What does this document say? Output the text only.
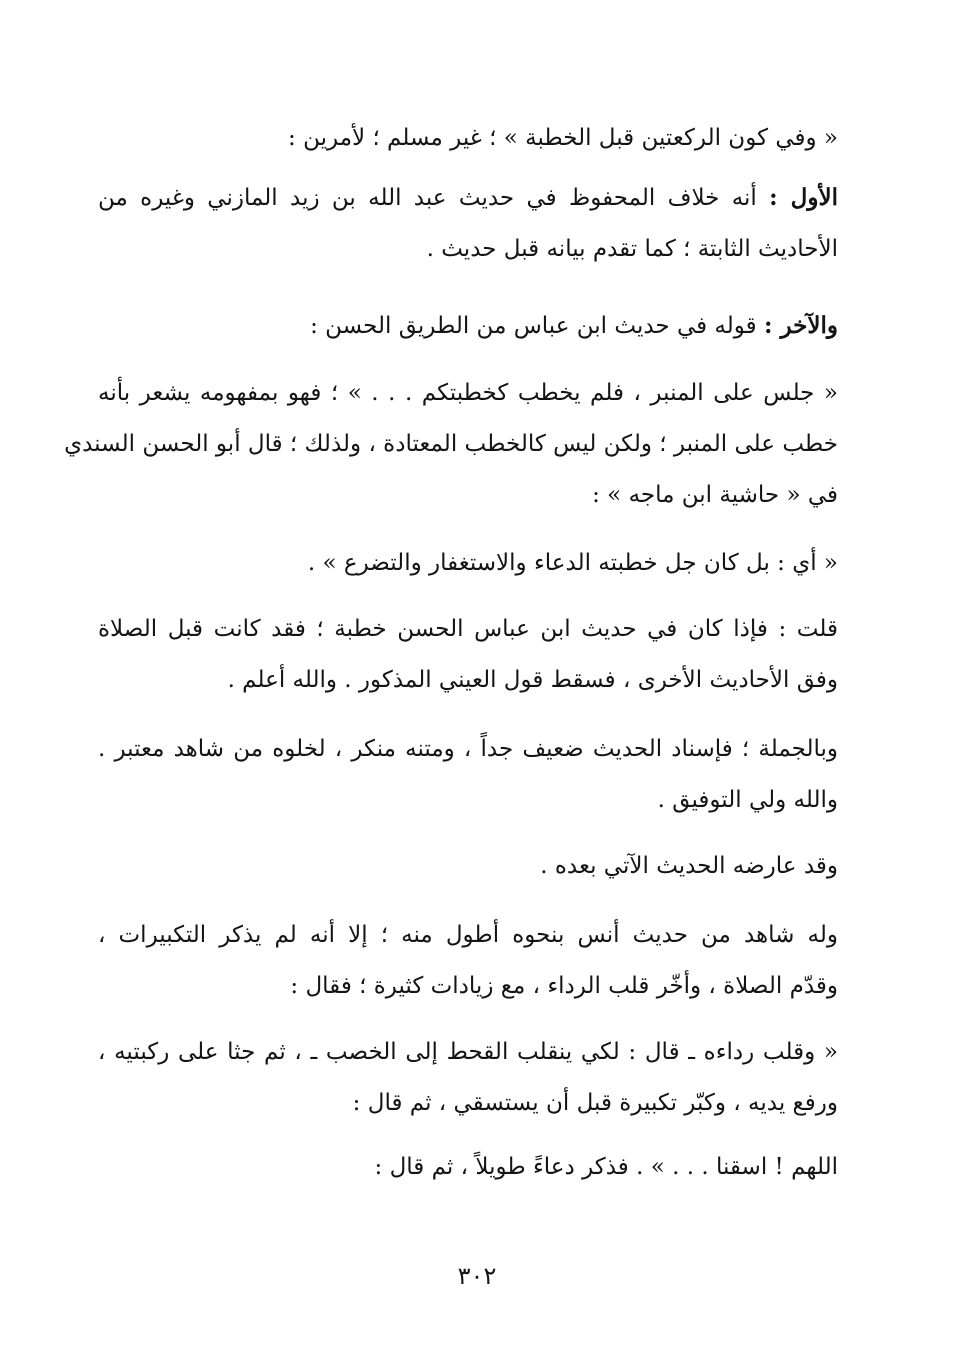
« وفي كون الركعتين قبل الخطبة » ؛ غير مسلم ؛ لأمرين :
الأول : أنه خلاف المحفوظ في حديث عبد الله بن زيد المازني وغيره من
الأحاديث الثابتة ؛ كما تقدم بيانه قبل حديث .
والآخر : قوله في حديث ابن عباس من الطريق الحسن :
« جلس على المنبر ، فلم يخطب كخطبتكم . . . » ؛ فهو بمفهومه يشعر بأنه
خطب على المنبر ؛ ولكن ليس كالخطب المعتادة ، ولذلك ؛ قال أبو الحسن السندي
في « حاشية ابن ماجه » :
« أي : بل كان جل خطبته الدعاء والاستغفار والتضرع » .
قلت : فإذا كان في حديث ابن عباس الحسن خطبة ؛ فقد كانت قبل الصلاة
وفق الأحاديث الأخرى ، فسقط قول العيني المذكور . والله أعلم .
وبالجملة ؛ فإسناد الحديث ضعيف جداً ، ومتنه منكر ، لخلوه من شاهد معتبر .
والله ولي التوفيق .
وقد عارضه الحديث الآتي بعده .
وله شاهد من حديث أنس بنحوه أطول منه ؛ إلا أنه لم يذكر التكبيرات ،
وقدّم الصلاة ، وأخّر قلب الرداء ، مع زيادات كثيرة ؛ فقال :
« وقلب رداءه ـ قال : لكي ينقلب القحط إلى الخصب ـ ، ثم جثا على ركبتيه ،
ورفع يديه ، وكبّر تكبيرة قبل أن يستسقي ، ثم قال :
اللهم ! اسقنا . . . » . فذكر دعاءً طويلاً ، ثم قال :
٣٠٢
